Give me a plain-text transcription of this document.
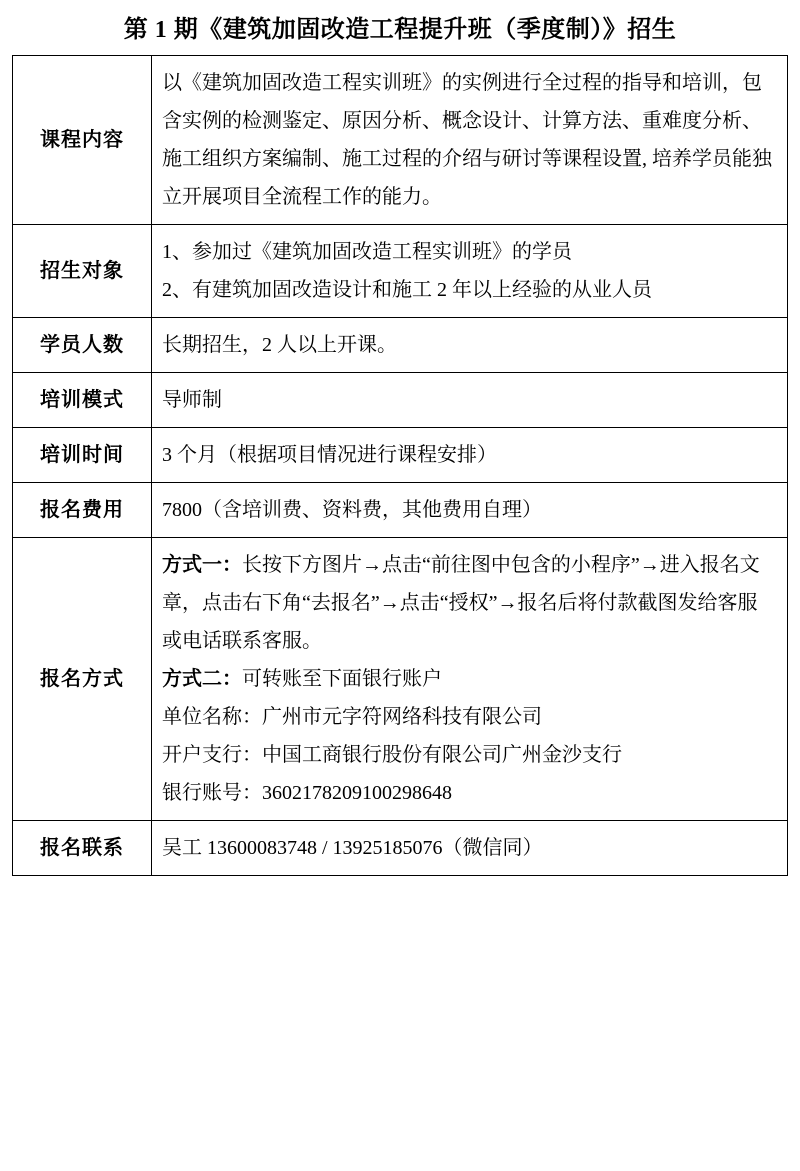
第 1 期《建筑加固改造工程提升班（季度制）》招生
课程内容	以《建筑加固改造工程实训班》的实例进行全过程的指导和培训，包含实例的检测鉴定、原因分析、概念设计、计算方法、重难度分析、施工组织方案编制、施工过程的介绍与研讨等课程设置, 培养学员能独立开展项目全流程工作的能力。

招生对象	1、参加过《建筑加固改造工程实训班》的学员
2、有建筑加固改造设计和施工 2 年以上经验的从业人员

学员人数	长期招生，2 人以上开课。

培训模式	导师制

培训时间	3 个月（根据项目情况进行课程安排）

报名费用	7800（含培训费、资料费，其他费用自理）

报名方式	方式一：长按下方图片→点击“前往图中包含的小程序”→进入报名文章，点击右下角“去报名”→点击“授权”→报名后将付款截图发给客服或电话联系客服。
方式二：可转账至下面银行账户
单位名称：广州市元字符网络科技有限公司
开户支行：中国工商银行股份有限公司广州金沙支行
银行账号：3602178209100298648

报名联系	吴工 13600083748 / 13925185076（微信同）
